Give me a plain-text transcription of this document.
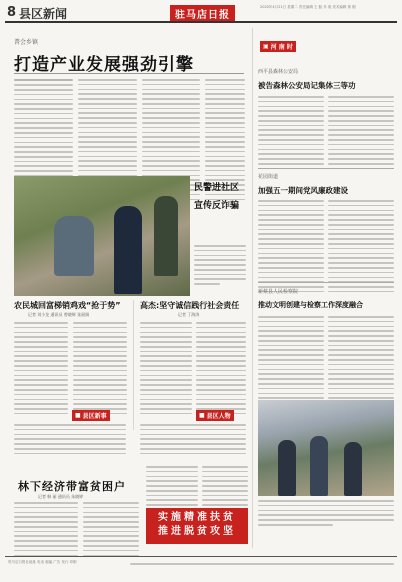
8 县区新闻	驻马店日报
2020年4月21日 星期二 责任编辑 王 磊 乔 梁 美术编辑 邢 刚
普会乡镇
打造产业发展强劲引擎
民警进社区
宣传反诈骗
农民城回富梯销鸡戏“抢于势”
记者 刘小龙 通讯员 曾晓辉 张丽娟
高杰:坚守诚信践行社会责任
记者 丁海涛
■ 县区新事	■ 县区人物
林下经济带富贫困户
记者 韩 丽 通讯员 朱晓婷
实施精准扶贫
推进脱贫攻坚
▣ 河 南 时
西平县森林公安局
被告森林公安局记集体三等功
花园街道
加强五一期间党风廉政建设
新蔡县人民检察院
推动文明创建与检察工作深度融合
驻马店日报社地址 电话 邮编 广告 发行 印刷
